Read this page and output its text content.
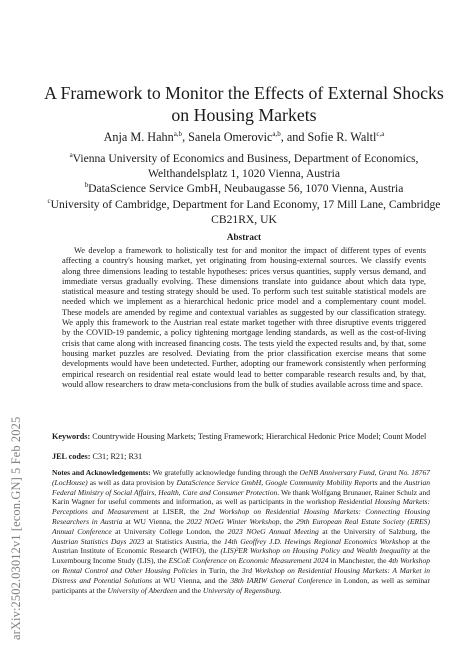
arXiv:2502.03012v1 [econ.GN] 5 Feb 2025
A Framework to Monitor the Effects of External Shocks on Housing Markets
Anja M. Hahn$^{a,b}$, Sanela Omerovic$^{a,b}$, and Sofie R. Waltl$^{c,a}$
$^a$Vienna University of Economics and Business, Department of Economics, Welthandelsplatz 1, 1020 Vienna, Austria
$^b$DataScience Service GmbH, Neubaugasse 56, 1070 Vienna, Austria
$^c$University of Cambridge, Department for Land Economy, 17 Mill Lane, Cambridge CB21RX, UK
Abstract

We develop a framework to holistically test for and monitor the impact of different types of events affecting a country's housing market, yet originating from housing-external sources. We classify events along three dimensions leading to testable hypotheses: prices versus quantities, supply versus demand, and immediate versus gradually evolving. These dimensions translate into guidance about which data type, statistical measure and testing strategy should be used. To perform such test suitable statistical models are needed which we implement as a hierarchical hedonic price model and a complementary count model. These models are amended by regime and contextual variables as suggested by our classification strategy. We apply this framework to the Austrian real estate market together with three disruptive events triggered by the COVID-19 pandemic, a policy tightening mortgage lending standards, as well as the cost-of-living crisis that came along with increased financing costs. The tests yield the expected results and, by that, some housing market puzzles are resolved. Deviating from the prior classification exercise means that some developments would have been undetected. Further, adopting our framework consistently when performing empirical research on residential real estate would lead to better comparable research results and, by that, would allow researchers to draw meta-conclusions from the bulk of studies available across time and space.

Keywords: Countrywide Housing Markets; Testing Framework; Hierarchical Hedonic Price Model; Count Model
JEL codes: C31; R21; R31

Notes and Acknowledgements: We gratefully acknowledge funding through the OeNB Anniversary Fund, Grant No. 18767 (LocHouse) as well as data provision by DataScience Service GmbH, Google Community Mobility Reports and the Austrian Federal Ministry of Social Affairs, Health, Care and Consumer Protection. We thank Wolfgang Brunauer, Rainer Schulz and Karin Wagner for useful comments and information, as well as participants in the workshop Residential Housing Markets: Perceptions and Measurement at LISER, the 2nd Workshop on Residential Housing Markets: Connecting Housing Researchers in Austria at WU Vienna, the 2022 NOeG Winter Workshop, the 29th European Real Estate Society (ERES) Annual Conference at University College London, the 2023 NOeG Annual Meeting at the University of Salzburg, the Austrian Statistics Days 2023 at Statistics Austria, the 14th Geoffrey J.D. Hewings Regional Economics Workshop at the Austrian Institute of Economic Research (WIFO), the (LIS)²ER Workshop on Housing Policy and Wealth Inequality at the Luxembourg Income Study (LIS), the ESCoE Conference on Economic Measurement 2024 in Manchester, the 4th Workshop on Rental Control and Other Housing Policies in Turin, the 3rd Workshop on Residential Housing Markets: A Market in Distress and Potential Solutions at WU Vienna, and the 38th IARIW General Conference in London, as well as seminar participants at the University of Aberdeen and the University of Regensburg.
